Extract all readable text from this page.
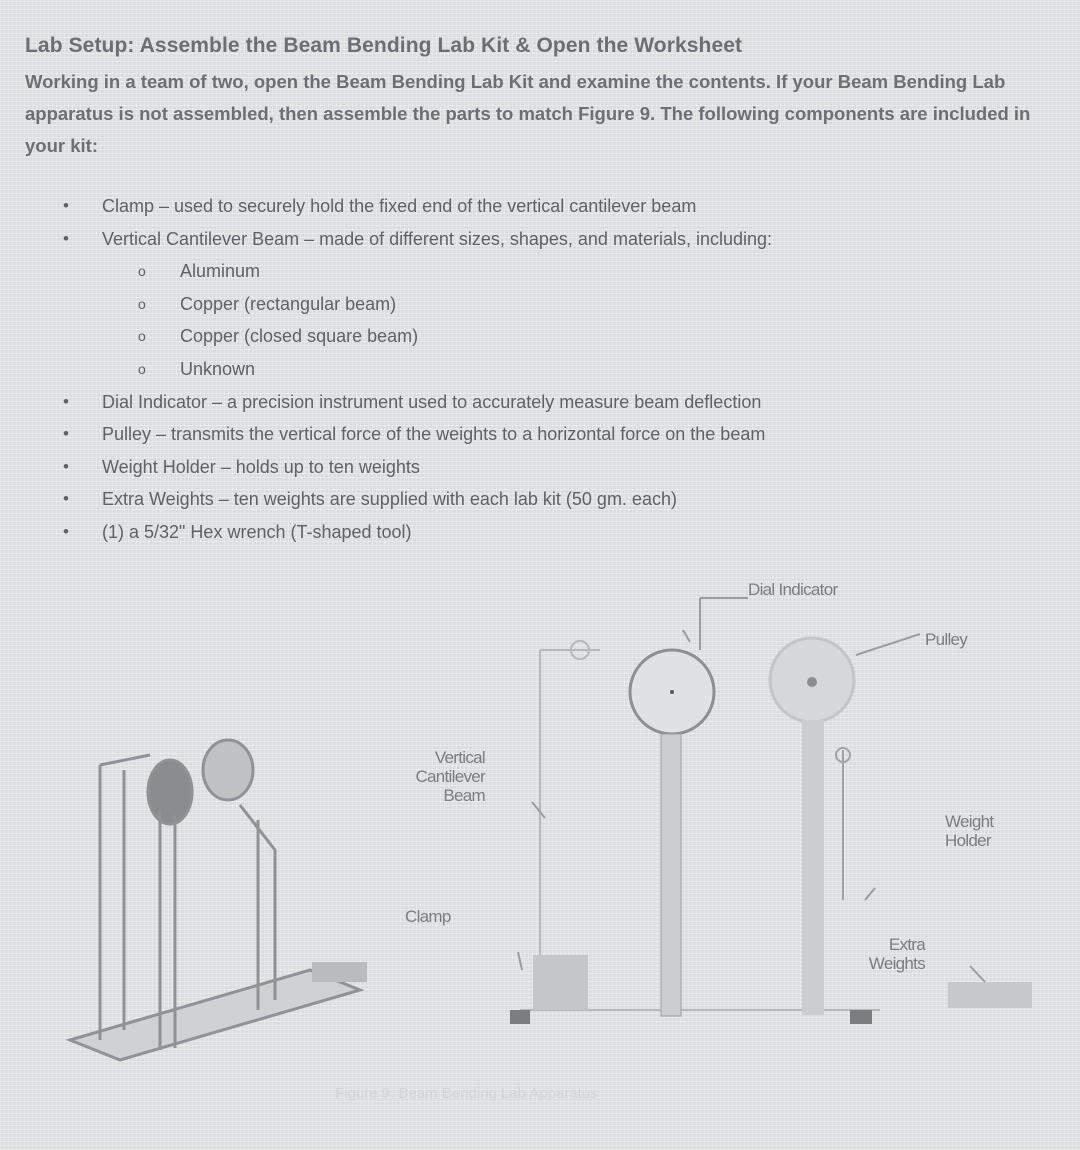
Lab Setup: Assemble the Beam Bending Lab Kit & Open the Worksheet
Working in a team of two, open the Beam Bending Lab Kit and examine the contents. If your Beam Bending Lab apparatus is not assembled, then assemble the parts to match Figure 9. The following components are included in your kit:
• Clamp – used to securely hold the fixed end of the vertical cantilever beam
• Vertical Cantilever Beam – made of different sizes, shapes, and materials, including:
o Aluminum
o Copper (rectangular beam)
o Copper (closed square beam)
o Unknown
• Dial Indicator – a precision instrument used to accurately measure beam deflection
• Pulley – transmits the vertical force of the weights to a horizontal force on the beam
• Weight Holder – holds up to ten weights
• Extra Weights – ten weights are supplied with each lab kit (50 gm. each)
• (1) a 5/32" Hex wrench (T-shaped tool)
Dial Indicator
Pulley
Vertical
Cantilever
Beam
Weight
Holder
Clamp
Extra
Weights
Figure 9. Beam Bending Lab Apparatus
